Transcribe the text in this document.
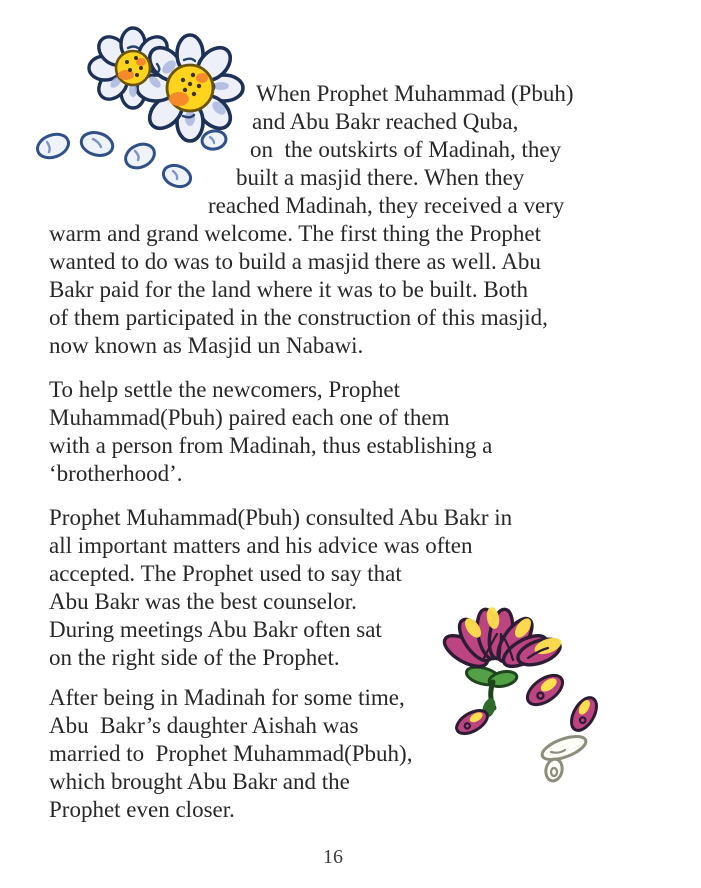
When Prophet Muhammad (Pbuh)
and Abu Bakr reached Quba,
on  the outskirts of Madinah, they
built a masjid there. When they
reached Madinah, they received a very
warm and grand welcome. The first thing the Prophet
wanted to do was to build a masjid there as well. Abu
Bakr paid for the land where it was to be built. Both
of them participated in the construction of this masjid,
now known as Masjid un Nabawi.
To help settle the newcomers, Prophet
Muhammad(Pbuh) paired each one of them
with a person from Madinah, thus establishing a
‘brotherhood’.
Prophet Muhammad(Pbuh) consulted Abu Bakr in
all important matters and his advice was often
accepted. The Prophet used to say that
Abu Bakr was the best counselor.
During meetings Abu Bakr often sat
on the right side of the Prophet.
After being in Madinah for some time,
Abu  Bakr’s daughter Aishah was
married to  Prophet Muhammad(Pbuh),
which brought Abu Bakr and the
Prophet even closer.
16
